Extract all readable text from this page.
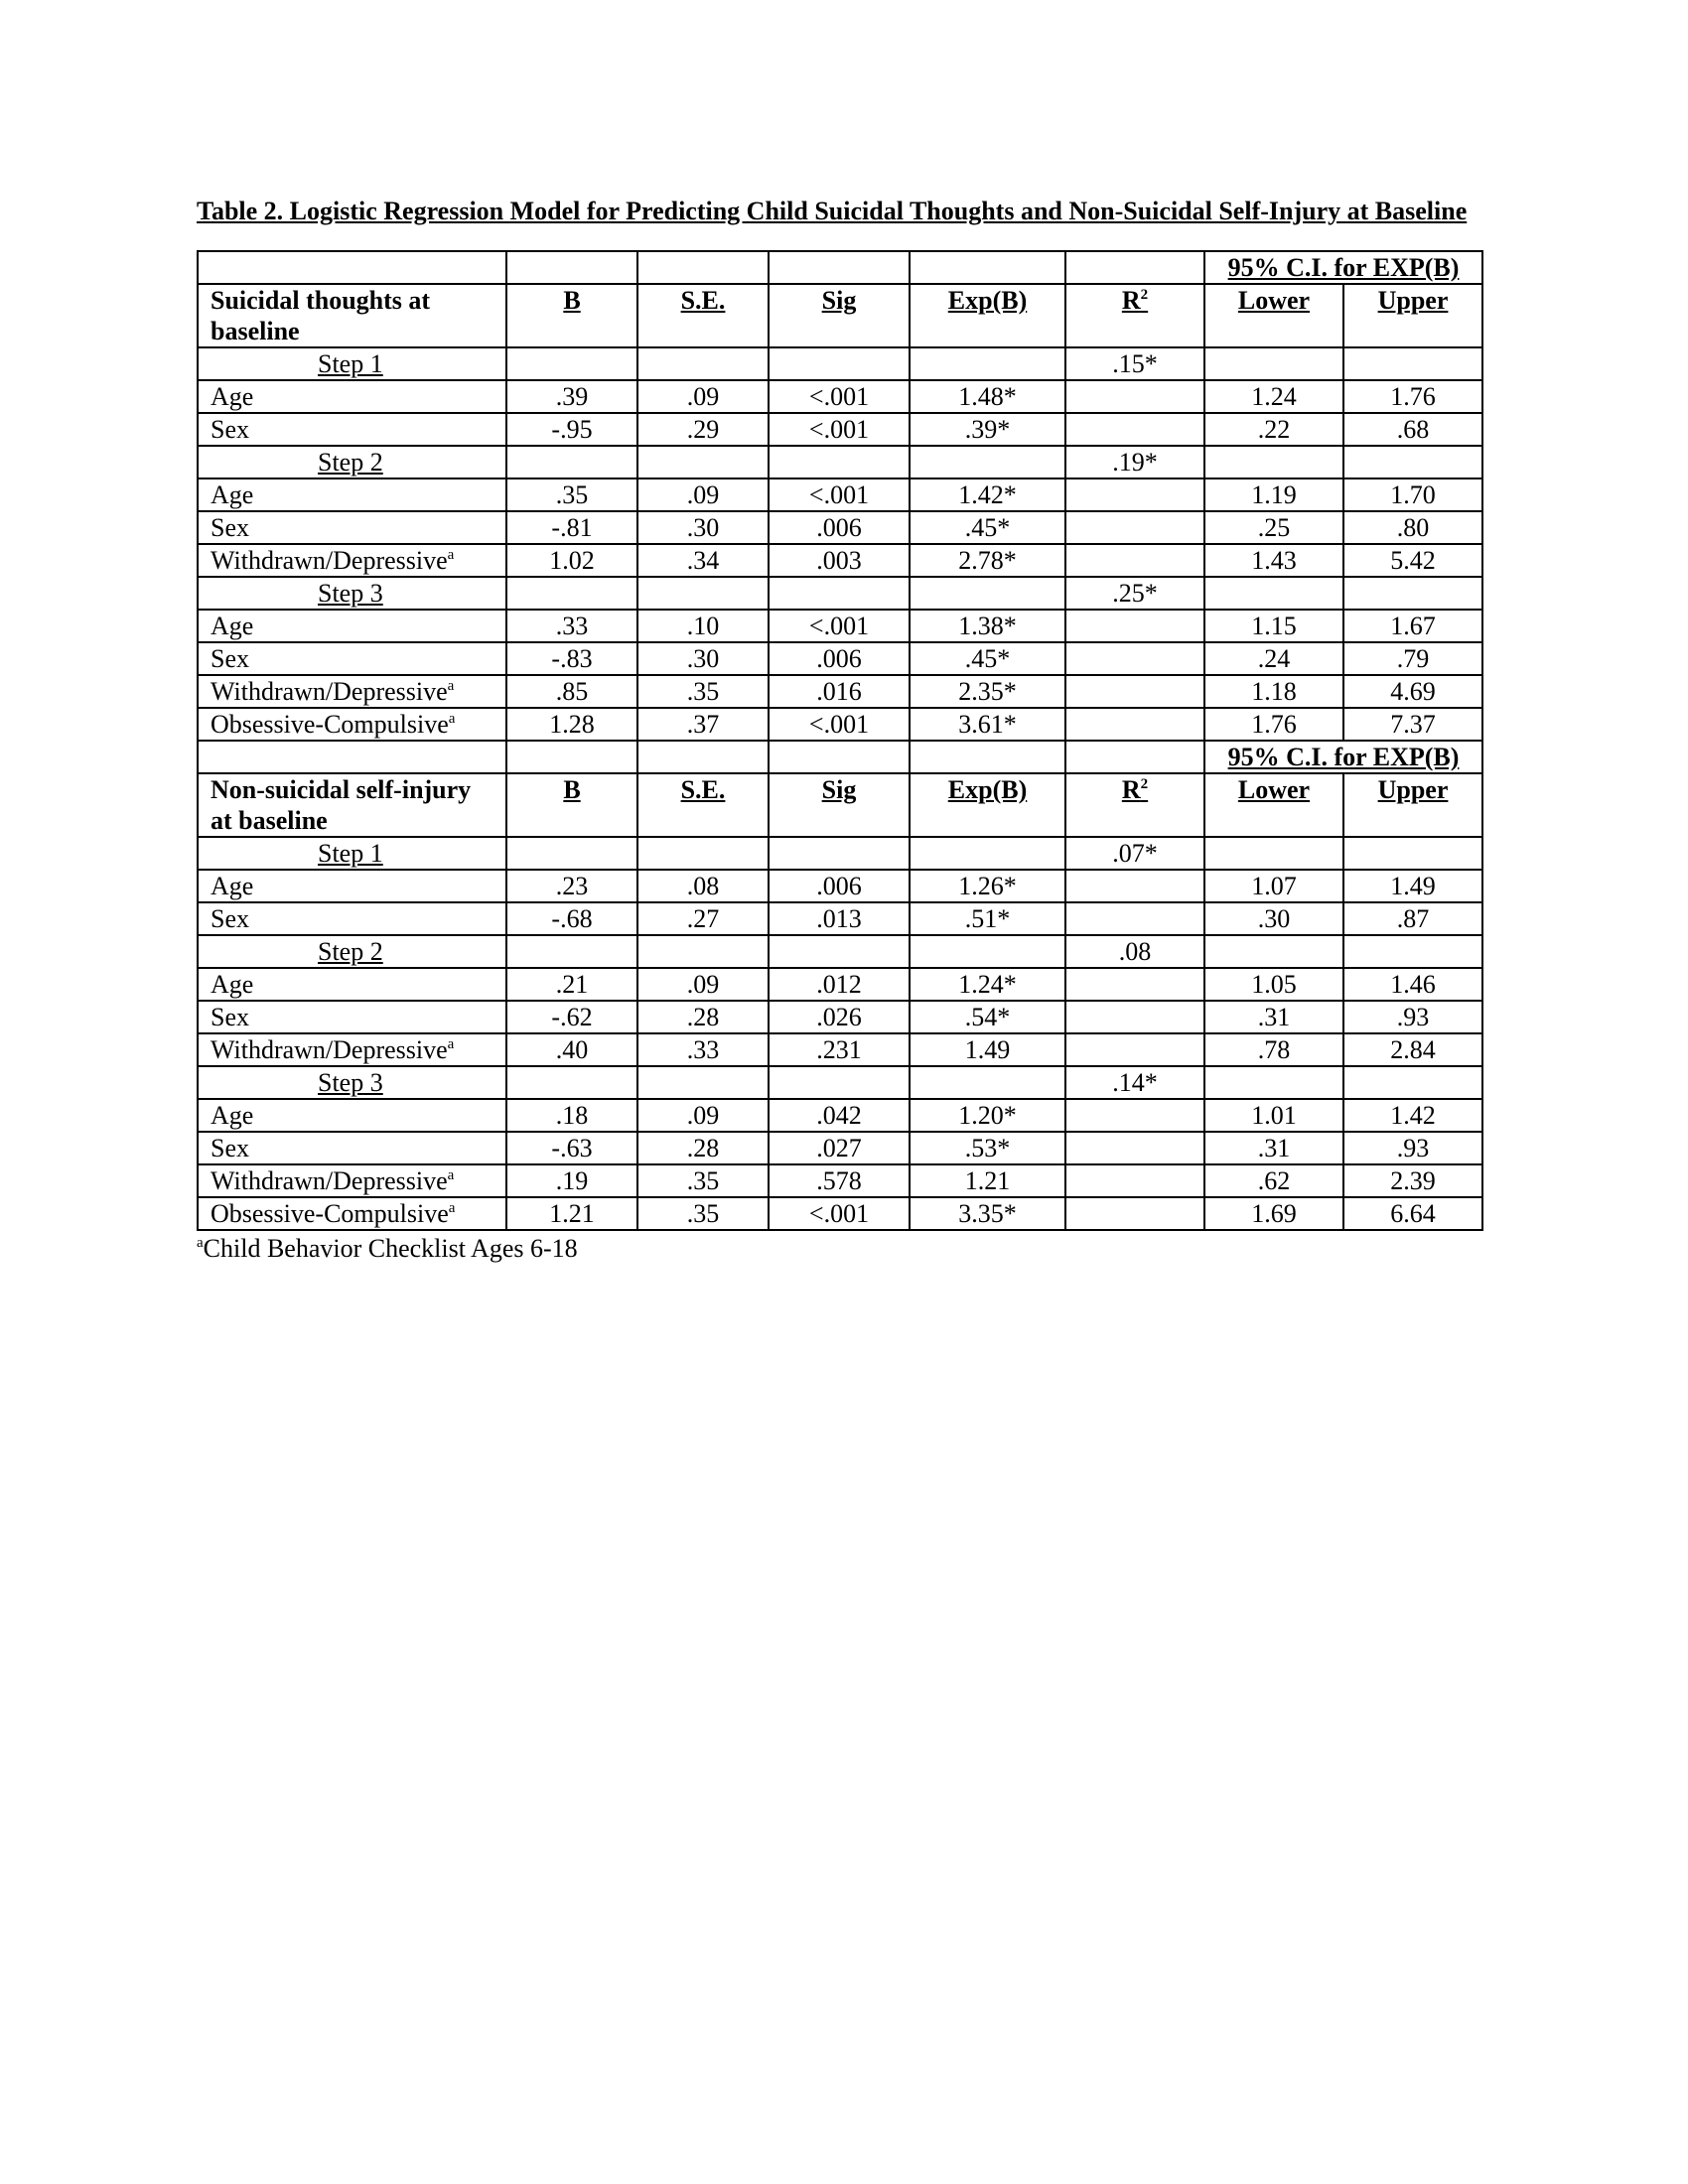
Table 2. Logistic Regression Model for Predicting Child Suicidal Thoughts and Non-Suicidal Self-Injury at Baseline
						95% C.I. for EXP(B)	
Suicidal thoughts at baseline	B	S.E.	Sig	Exp(B)	$R^2$	Lower	Upper
Step 1					.15*		
Age	.39	.09	<.001	1.48*		1.24	1.76
Sex	-.95	.29	<.001	.39*		.22	.68
Step 2					.19*		
Age	.35	.09	<.001	1.42*		1.19	1.70
Sex	-.81	.30	.006	.45*		.25	.80
Withdrawn/Depressive$^a$	1.02	.34	.003	2.78*		1.43	5.42
Step 3					.25*		
Age	.33	.10	<.001	1.38*		1.15	1.67
Sex	-.83	.30	.006	.45*		.24	.79
Withdrawn/Depressive$^a$	.85	.35	.016	2.35*		1.18	4.69
Obsessive-Compulsive$^a$	1.28	.37	<.001	3.61*		1.76	7.37
						95% C.I. for EXP(B)	
Non-suicidal self-injury at baseline	B	S.E.	Sig	Exp(B)	$R^2$	Lower	Upper
Step 1					.07*		
Age	.23	.08	.006	1.26*		1.07	1.49
Sex	-.68	.27	.013	.51*		.30	.87
Step 2					.08		
Age	.21	.09	.012	1.24*		1.05	1.46
Sex	-.62	.28	.026	.54*		.31	.93
Withdrawn/Depressive$^a$	.40	.33	.231	1.49		.78	2.84
Step 3					.14*		
Age	.18	.09	.042	1.20*		1.01	1.42
Sex	-.63	.28	.027	.53*		.31	.93
Withdrawn/Depressive$^a$	.19	.35	.578	1.21		.62	2.39
Obsessive-Compulsive$^a$	1.21	.35	<.001	3.35*		1.69	6.64
$^a$Child Behavior Checklist Ages 6-18
